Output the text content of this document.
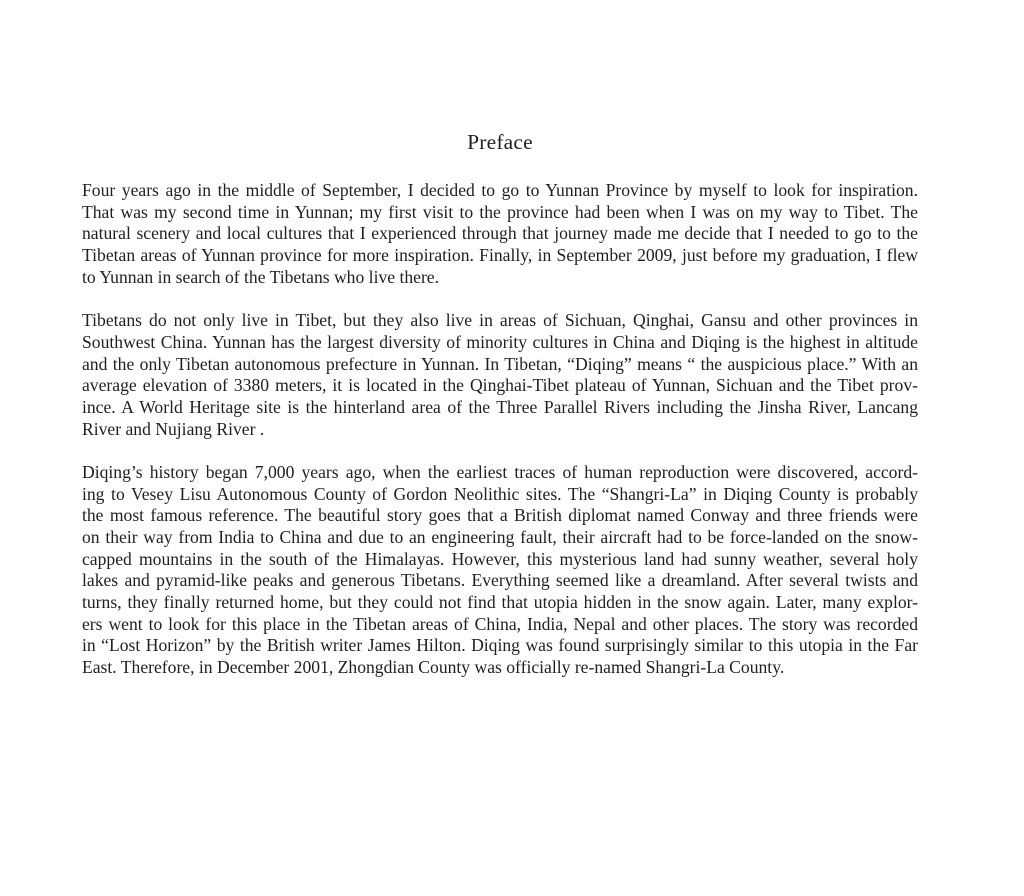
Preface
Four years ago in the middle of September, I decided to go to Yunnan Province by myself to look for inspiration.
That was my second time in Yunnan; my first visit to the province had been when I was on my way to Tibet. The
natural scenery and local cultures that I experienced through that journey made me decide that I needed to go to the
Tibetan areas of Yunnan province for more inspiration. Finally, in September 2009, just before my graduation, I flew
to Yunnan in search of the Tibetans who live there.
Tibetans do not only live in Tibet, but they also live in areas of Sichuan, Qinghai, Gansu and other provinces in
Southwest China. Yunnan has the largest diversity of minority cultures in China and Diqing is the highest in altitude
and the only Tibetan autonomous prefecture in Yunnan. In Tibetan, “Diqing” means “ the auspicious place.” With an
average elevation of 3380 meters, it is located in the Qinghai-Tibet plateau of Yunnan, Sichuan and the Tibet prov-
ince. A World Heritage site is the hinterland area of the Three Parallel Rivers including the Jinsha River, Lancang
River and Nujiang River .
Diqing’s history began 7,000 years ago, when the earliest traces of human reproduction were discovered, accord-
ing to Vesey Lisu Autonomous County of Gordon Neolithic sites. The “Shangri-La” in Diqing County is probably
the most famous reference. The beautiful story goes that a British diplomat named Conway and three friends were
on their way from India to China and due to an engineering fault, their aircraft had to be force-landed on the snow-
capped mountains in the south of the Himalayas. However, this mysterious land had sunny weather, several holy
lakes and pyramid-like peaks and generous Tibetans. Everything seemed like a dreamland. After several twists and
turns, they finally returned home, but they could not find that utopia hidden in the snow again. Later, many explor-
ers went to look for this place in the Tibetan areas of China, India, Nepal and other places. The story was recorded
in “Lost Horizon” by the British writer James Hilton. Diqing was found surprisingly similar to this utopia in the Far
East. Therefore, in December 2001, Zhongdian County was officially re-named Shangri-La County.
